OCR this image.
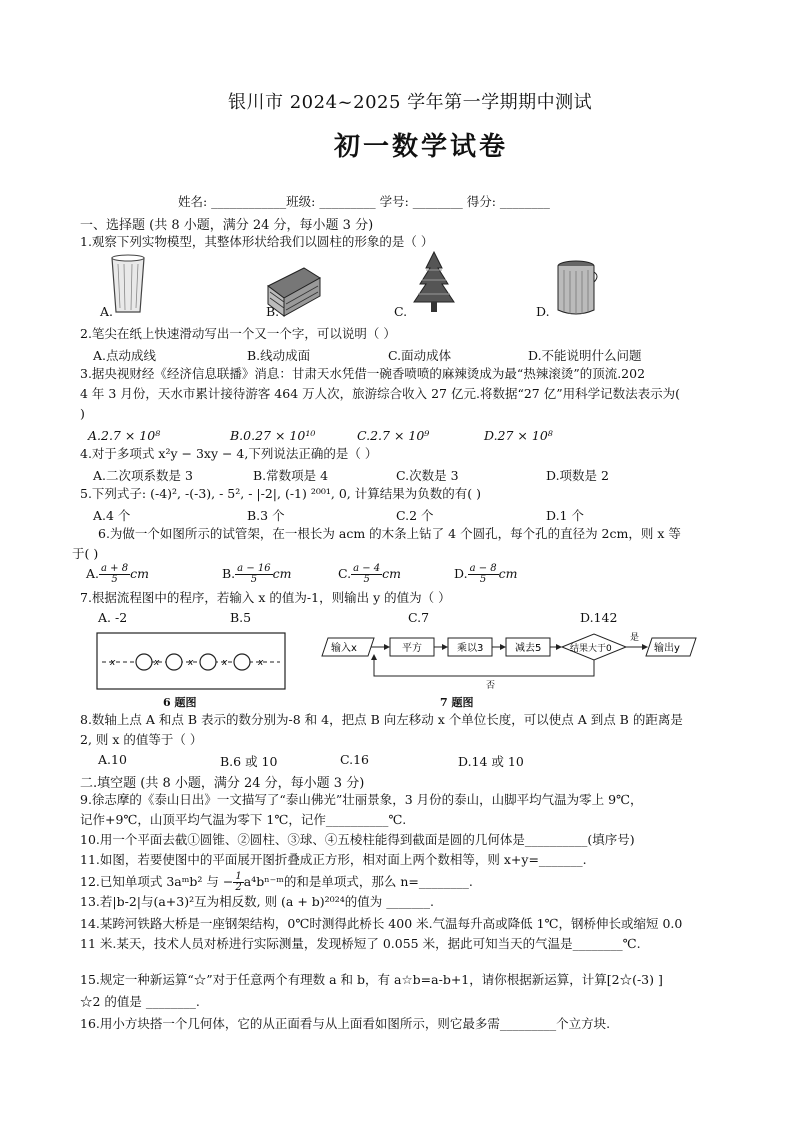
银川市 2024~2025 学年第一学期期中测试
初一数学试卷
姓名: ____________班级: _________ 学号: ________ 得分: ________
一、选择题 (共 8 小题，满分 24 分，每小题 3 分)
1.观察下列实物模型，其整体形状给我们以圆柱的形象的是（ ）
A.	B.	C.	D.
2.笔尖在纸上快速滑动写出一个又一个字，可以说明（ ）
A.点动成线	B.线动成面	C.面动成体	D.不能说明什么问题
3.据央视财经《经济信息联播》消息：甘肃天水凭借一碗香喷喷的麻辣烫成为最“热辣滚烫”的顶流.202
4 年 3 月份，天水市累计接待游客 464 万人次，旅游综合收入 27 亿元.将数据“27 亿”用科学记数法表示为(
)
A.2.7 × 10⁸	B.0.27 × 10¹⁰	C.2.7 × 10⁹	D.27 × 10⁸
4.对于多项式 x²y − 3xy − 4,下列说法正确的是（ ）
A.二次项系数是 3	B.常数项是 4	C.次数是 3	D.项数是 2
5.下列式子: (-4)², -(-3), - 5², - |-2|, (-1) ²⁰⁰¹, 0, 计算结果为负数的有( )
A.4 个	B.3 个	C.2 个	D.1 个
6.为做一个如图所示的试管架，在一根长为 acm 的木条上钻了 4 个圆孔，每个孔的直径为 2cm，则 x 等
于( )
A. $\frac{a + 8}{5}$ cm	B. $\frac{a - 16}{5}$ cm	C. $\frac{a - 4}{5}$ cm	D. $\frac{a - 8}{5}$ cm
7.根据流程图中的程序，若输入 x 的值为-1，则输出 y 的值为（ ）
A. -2	B.5	C.7	D.142
x	x	x	x	x
6 题图
输入x	平方	乘以3	减去5	结果大于0
是
输出y
否
7 题图
8.数轴上点 A 和点 B 表示的数分别为-8 和 4，把点 B 向左移动 x 个单位长度，可以使点 A 到点 B 的距离是
2, 则 x 的值等于（ ）
A.10	B.6 或 10	C.16	D.14 或 10
二.填空题 (共 8 小题，满分 24 分，每小题 3 分)
9.徐志摩的《泰山日出》一文描写了“泰山佛光”壮丽景象，3 月份的泰山，山脚平均气温为零上 9℃，
记作+9℃，山顶平均气温为零下 1℃，记作__________℃.
10.用一个平面去截①圆锥、②圆柱、③球、④五棱柱能得到截面是圆的几何体是__________(填序号)
11.如图，若要使图中的平面展开图折叠成正方形，相对面上两个数相等，则 x+y=_______.
12.已知单项式 3aᵐb² 与 − $\frac{1}{2}$ a⁴bⁿ⁻ᵐ的和是单项式，那么 n=________.
13.若|b-2|与(a+3)²互为相反数, 则 (a + b)²⁰²⁴的值为 _______.
14.某跨河铁路大桥是一座钢架结构，0℃时测得此桥长 400 米.气温每升高或降低 1℃，钢桥伸长或缩短 0.0
11 米.某天，技术人员对桥进行实际测量，发现桥短了 0.055 米，据此可知当天的气温是________℃.
15.规定一种新运算“☆”对于任意两个有理数 a 和 b，有 a☆b=a-b+1，请你根据新运算，计算[2☆(-3) ]
☆2 的值是 ________.
16.用小方块搭一个几何体，它的从正面看与从上面看如图所示，则它最多需_________个立方块.
